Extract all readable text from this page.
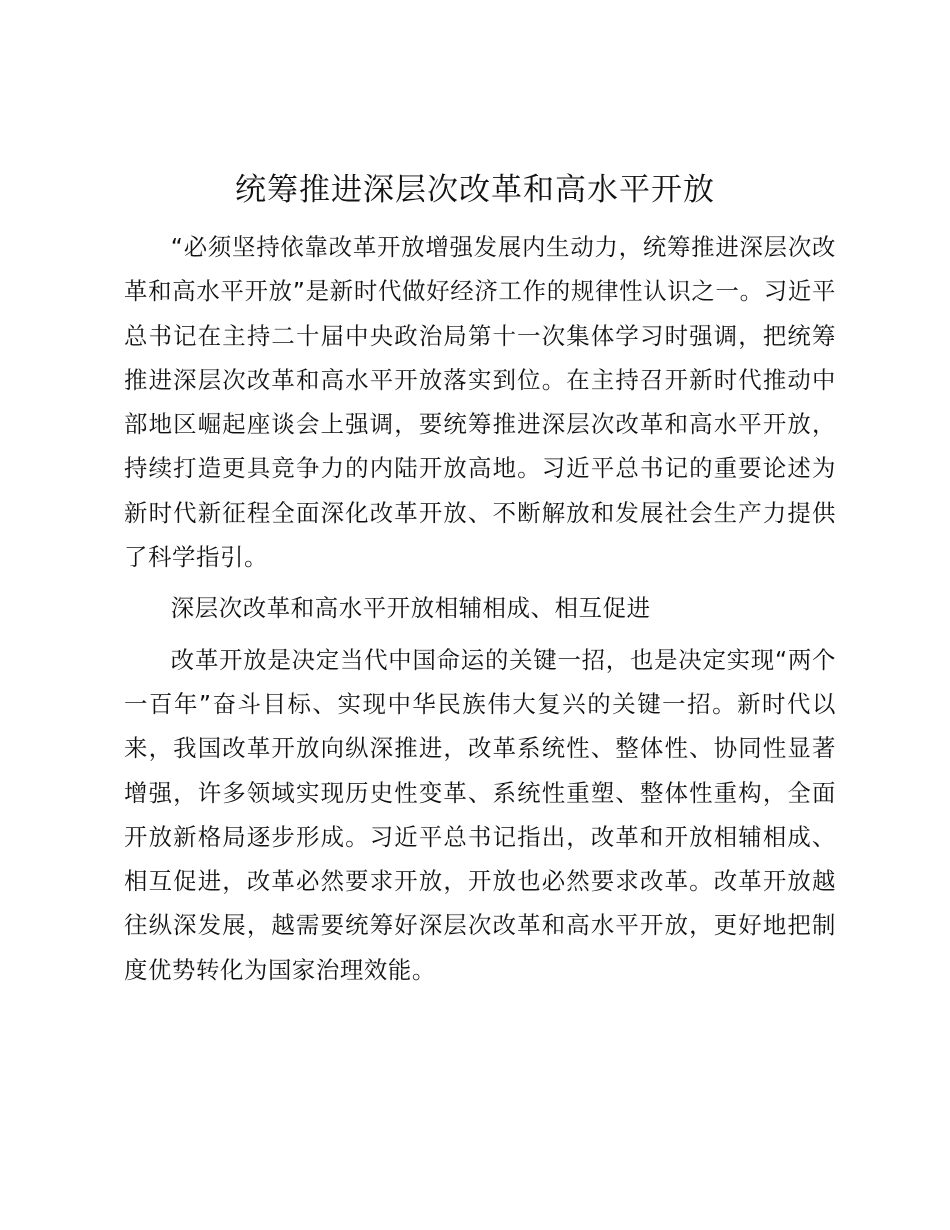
统筹推进深层次改革和高水平开放

“必须坚持依靠改革开放增强发展内生动力，统筹推进深层次改革和高水平开放”是新时代做好经济工作的规律性认识之一。习近平总书记在主持二十届中央政治局第十一次集体学习时强调，把统筹推进深层次改革和高水平开放落实到位。在主持召开新时代推动中部地区崛起座谈会上强调，要统筹推进深层次改革和高水平开放，持续打造更具竞争力的内陆开放高地。习近平总书记的重要论述为新时代新征程全面深化改革开放、不断解放和发展社会生产力提供了科学指引。

深层次改革和高水平开放相辅相成、相互促进

改革开放是决定当代中国命运的关键一招，也是决定实现“两个一百年”奋斗目标、实现中华民族伟大复兴的关键一招。新时代以来，我国改革开放向纵深推进，改革系统性、整体性、协同性显著增强，许多领域实现历史性变革、系统性重塑、整体性重构，全面开放新格局逐步形成。习近平总书记指出，改革和开放相辅相成、相互促进，改革必然要求开放，开放也必然要求改革。改革开放越往纵深发展，越需要统筹好深层次改革和高水平开放，更好地把制度优势转化为国家治理效能。
